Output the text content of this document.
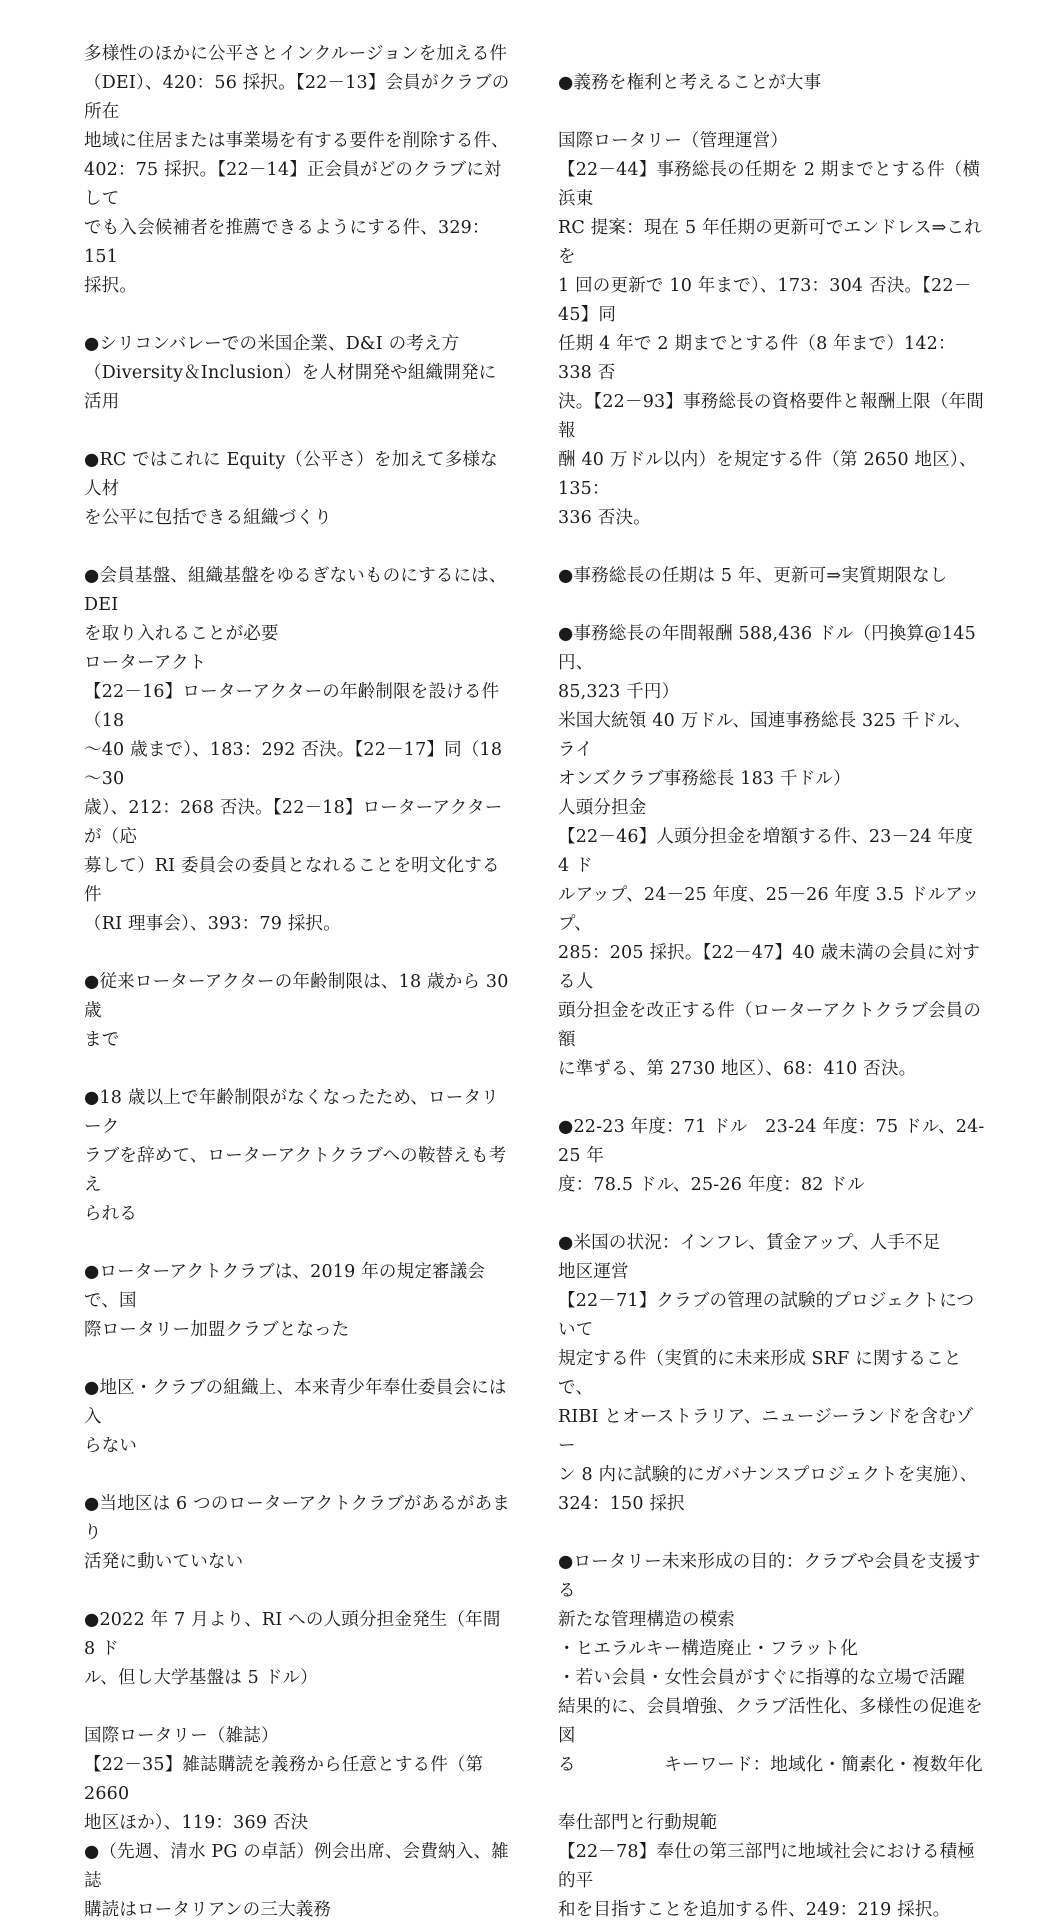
多様性のほかに公平さとインクルージョンを加える件
（DEI）、420：56 採択。【22－13】会員がクラブの所在
地域に住居または事業場を有する要件を削除する件、
402：75 採択。【22－14】正会員がどのクラブに対して
でも入会候補者を推薦できるようにする件、329：151
採択。
●シリコンバレーでの米国企業、D&I の考え方
（Diversity＆Inclusion）を人材開発や組織開発に活用
●RC ではこれに Equity（公平さ）を加えて多様な人材
を公平に包括できる組織づくり
●会員基盤、組織基盤をゆるぎないものにするには、DEI
を取り入れることが必要
ローターアクト
【22－16】ローターアクターの年齢制限を設ける件（18
～40 歳まで）、183：292 否決。【22－17】同（18～30
歳）、212：268 否決。【22－18】ローターアクターが（応
募して）RI 委員会の委員となれることを明文化する件
（RI 理事会）、393：79 採択。
●従来ローターアクターの年齢制限は、18 歳から 30 歳
まで
●18 歳以上で年齢制限がなくなったため、ロータリーク
ラブを辞めて、ローターアクトクラブへの鞍替えも考え
られる
●ローターアクトクラブは、2019 年の規定審議会で、国
際ロータリー加盟クラブとなった
●地区・クラブの組織上、本来青少年奉仕委員会には入
らない
●当地区は 6 つのローターアクトクラブがあるがあまり
活発に動いていない
●2022 年 7 月より、RI への人頭分担金発生（年間 8 ド
ル、但し大学基盤は 5 ドル）
国際ロータリー（雑誌）
【22－35】雑誌購読を義務から任意とする件（第 2660
地区ほか）、119：369 否決
●（先週、清水 PG の卓話）例会出席、会費納入、雑誌
購読はロータリアンの三大義務
●義務を権利と考えることが大事
国際ロータリー（管理運営）
【22－44】事務総長の任期を 2 期までとする件（横浜東
RC 提案：現在 5 年任期の更新可でエンドレス⇒これを
1 回の更新で 10 年まで）、173：304 否決。【22－45】同
任期 4 年で 2 期までとする件（8 年まで）142：338 否
決。【22－93】事務総長の資格要件と報酬上限（年間報
酬 40 万ドル以内）を規定する件（第 2650 地区）、135：
336 否決。
●事務総長の任期は 5 年、更新可⇒実質期限なし
●事務総長の年間報酬 588,436 ドル（円換算@145 円、
85,323 千円）
米国大統領 40 万ドル、国連事務総長 325 千ドル、ライ
オンズクラブ事務総長 183 千ドル）
人頭分担金
【22－46】人頭分担金を増額する件、23－24 年度 4 ド
ルアップ、24－25 年度、25－26 年度 3.5 ドルアップ、
285：205 採択。【22－47】40 歳未満の会員に対する人
頭分担金を改正する件（ローターアクトクラブ会員の額
に準ずる、第 2730 地区）、68：410 否決。
●22-23 年度：71 ドル　23-24 年度：75 ドル、24-25 年
度：78.5 ドル、25-26 年度：82 ドル
●米国の状況：インフレ、賃金アップ、人手不足
地区運営
【22－71】クラブの管理の試験的プロジェクトについて
規定する件（実質的に未来形成 SRF に関することで、
RIBI とオーストラリア、ニュージーランドを含むゾー
ン 8 内に試験的にガバナンスプロジェクトを実施）、
324：150 採択
●ロータリー未来形成の目的：クラブや会員を支援する
新たな管理構造の模索
・ヒエラルキー構造廃止・フラット化
・若い会員・女性会員がすぐに指導的な立場で活躍
結果的に、会員増強、クラブ活性化、多様性の促進を図
る　　　　　キーワード：地域化・簡素化・複数年化
奉仕部門と行動規範
【22－78】奉仕の第三部門に地域社会における積極的平
和を目指すことを追加する件、249：219 採択。
